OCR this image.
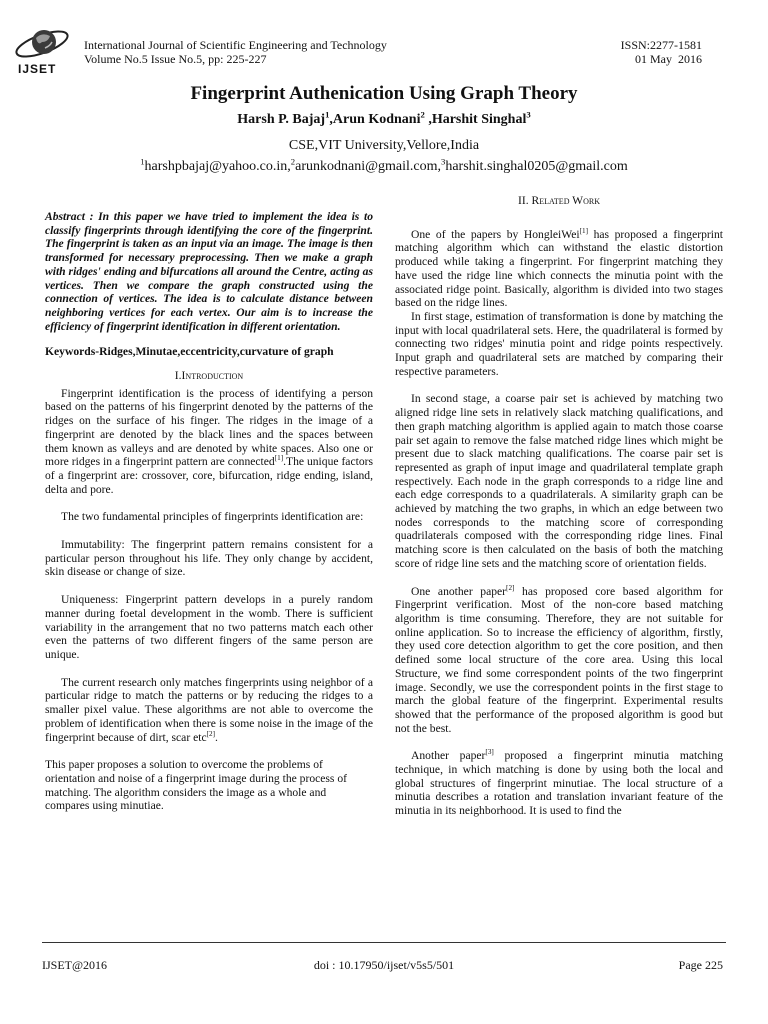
IJSET
International Journal of Scientific Engineering and Technology
Volume No.5 Issue No.5, pp: 225-227
ISSN:2277-1581
01 May  2016
Fingerprint Authenication Using Graph Theory
Harsh P. Bajaj$^1$,Arun Kodnani$^2$ ,Harshit Singhal$^3$
CSE,VIT University,Vellore,India
$^1$harshpbajaj@yahoo.co.in,$^2$arunkodnani@gmail.com,$^3$harshit.singhal0205@gmail.com

Abstract : In this paper we have tried to implement the idea is to classify fingerprints through identifying the core of the fingerprint. The fingerprint is taken as an input via an image. The image is then transformed for necessary preprocessing. Then we make a graph with ridges' ending and bifurcations all around the Centre, acting as vertices. Then we compare the graph constructed using the connection of vertices. The idea is to calculate distance between neighboring vertices for each vertex. Our aim is to increase the efficiency of fingerprint identification in different orientation.

Keywords-Ridges,Minutae,eccentricity,curvature of graph

I.Introduction

Fingerprint identification is the process of identifying a person based on the patterns of his fingerprint denoted by the patterns of the ridges on the surface of his finger. The ridges in the image of a fingerprint are denoted by the black lines and the spaces between them known as valleys and are denoted by white spaces. Also one or more ridges in a fingerprint pattern are connected[1].The unique factors of a fingerprint are: crossover, core, bifurcation, ridge ending, island, delta and pore.

The two fundamental principles of fingerprints identification are:

Immutability: The fingerprint pattern remains consistent for a particular person throughout his life. They only change by accident, skin disease or change of size.

Uniqueness: Fingerprint pattern develops in a purely random manner during foetal development in the womb. There is sufficient variability in the arrangement that no two patterns match each other even the patterns of two different fingers of the same person are unique.

The current research only matches fingerprints using neighbor of a particular ridge to match the patterns or by reducing the ridges to a smaller pixel value. These algorithms are not able to overcome the problem of identification when there is some noise in the image of the fingerprint because of dirt, scar etc[2].

This paper proposes a solution to overcome the problems of orientation and noise of a fingerprint image during the process of matching. The algorithm considers the image as a whole and compares using minutiae.

II. Related Work

One of the papers by HongleiWei[1] has proposed a fingerprint matching algorithm which can withstand the elastic distortion produced while taking a fingerprint. For fingerprint matching they have used the ridge line which connects the minutia point with the associated ridge point. Basically, algorithm is divided into two stages based on the ridge lines.

In first stage, estimation of transformation is done by matching the input with local quadrilateral sets. Here, the quadrilateral is formed by connecting two ridges' minutia point and ridge points respectively. Input graph and quadrilateral sets are matched by comparing their respective parameters.

In second stage, a coarse pair set is achieved by matching two aligned ridge line sets in relatively slack matching qualifications, and then graph matching algorithm is applied again to match those coarse pair set again to remove the false matched ridge lines which might be present due to slack matching qualifications. The coarse pair set is represented as graph of input image and quadrilateral template graph respectively. Each node in the graph corresponds to a ridge line and each edge corresponds to a quadrilaterals. A similarity graph can be achieved by matching the two graphs, in which an edge between two nodes corresponds to the matching score of corresponding quadrilaterals composed with the corresponding ridge lines. Final matching score is then calculated on the basis of both the matching score of ridge line sets and the matching score of orientation fields.

One another paper[2] has proposed core based algorithm for Fingerprint verification. Most of the non-core based matching algorithm is time consuming. Therefore, they are not suitable for online application. So to increase the efficiency of algorithm, firstly, they used core detection algorithm to get the core position, and then defined some local structure of the core area. Using this local Structure, we find some correspondent points of the two fingerprint image. Secondly, we use the correspondent points in the first stage to march the global feature of the fingerprint. Experimental results showed that the performance of the proposed algorithm is good but not the best.

Another paper[3] proposed a fingerprint minutia matching technique, in which matching is done by using both the local and global structures of fingerprint minutiae. The local structure of a minutia describes a rotation and translation invariant feature of the minutia in its neighborhood. It is used to find the

IJSET@2016	doi : 10.17950/ijset/v5s5/501	Page 225
